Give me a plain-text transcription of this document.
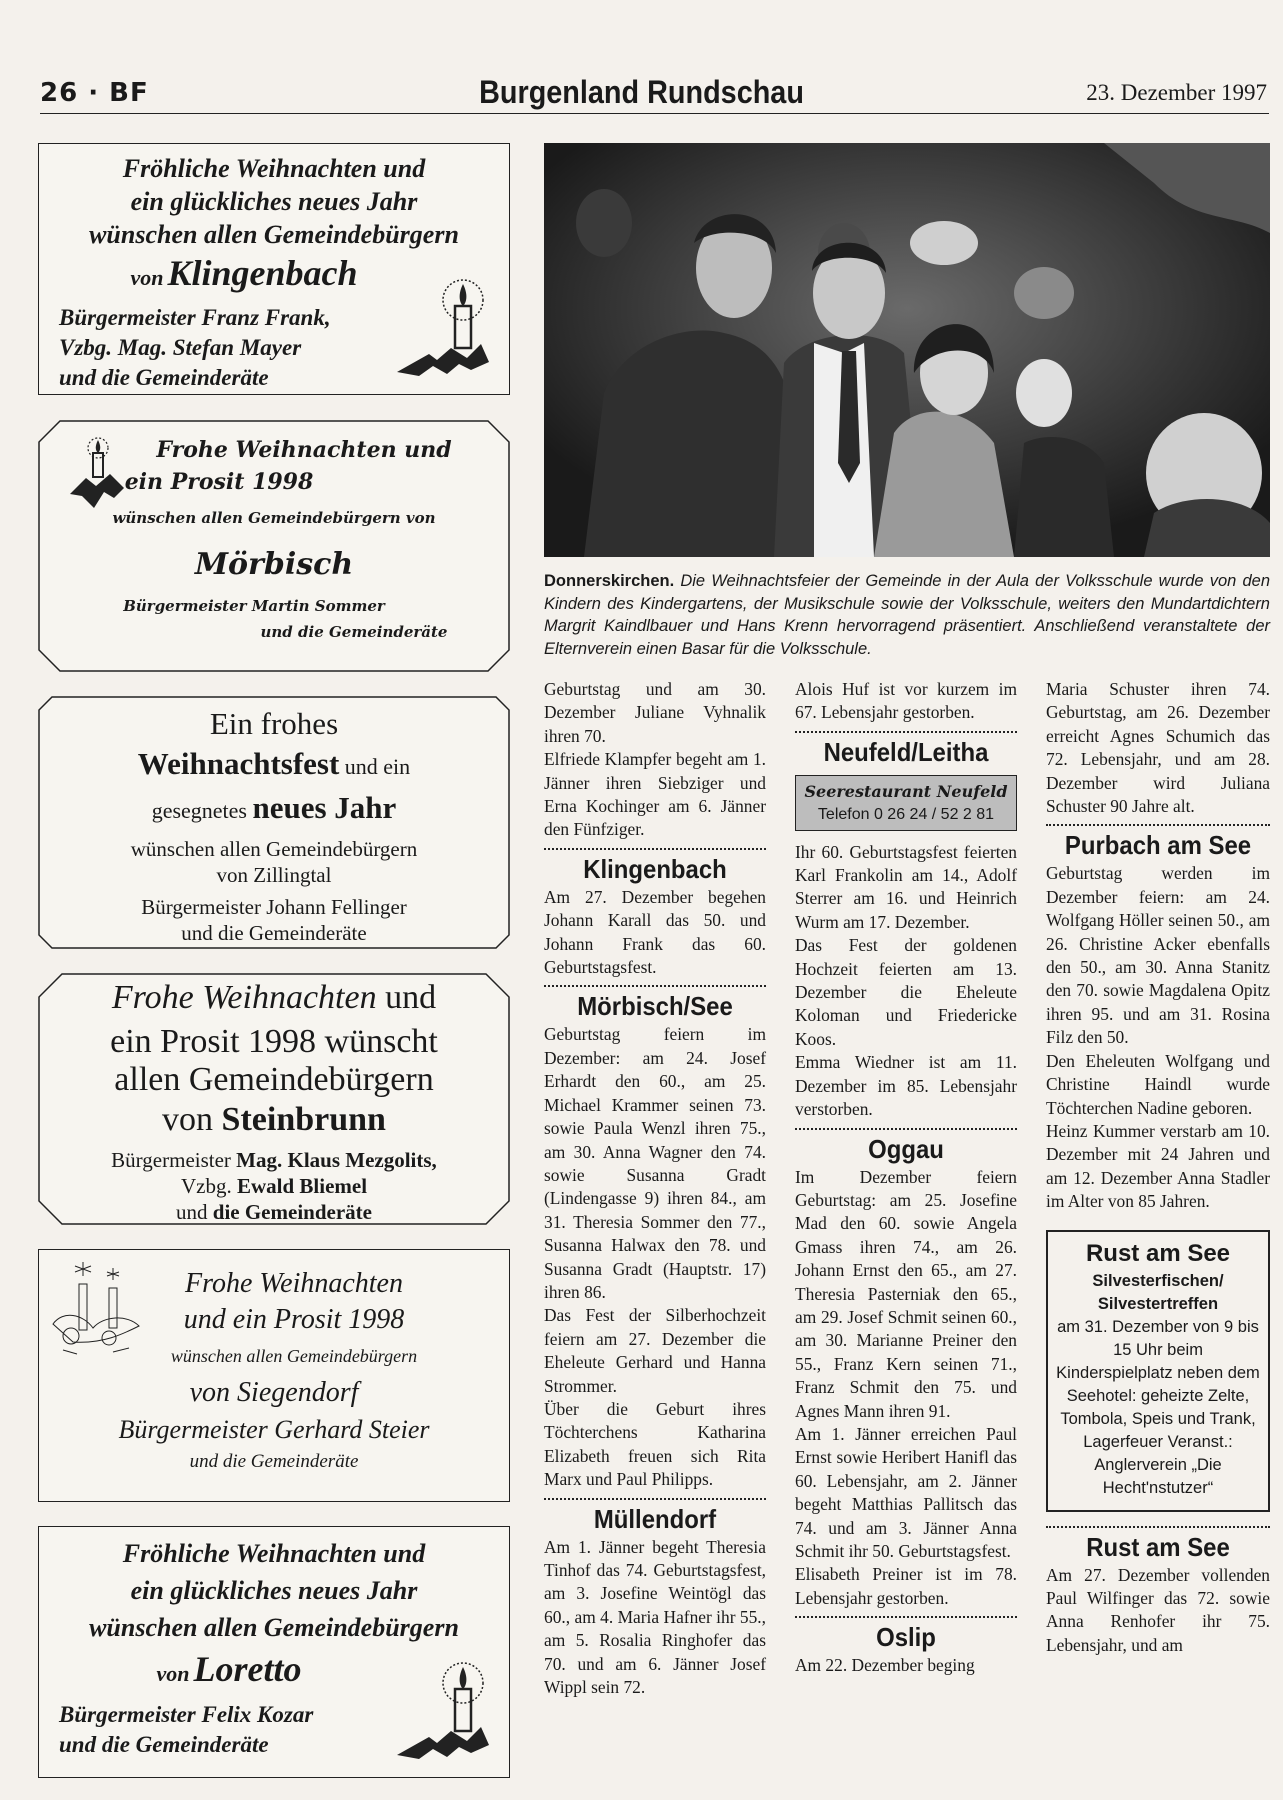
26 · BF	Burgenland Rundschau	23. Dezember 1997
Fröhliche Weihnachten und
ein glückliches neues Jahr
wünschen allen Gemeindebürgern
von Klingenbach
Bürgermeister Franz Frank,
Vzbg. Mag. Stefan Mayer
und die Gemeinderäte
Frohe Weihnachten und
ein Prosit 1998
wünschen allen Gemeindebürgern von
Mörbisch
Bürgermeister Martin Sommer
und die Gemeinderäte
Ein frohes
Weihnachtsfest und ein
gesegnetes neues Jahr
wünschen allen Gemeindebürgern
von Zillingtal
Bürgermeister Johann Fellinger
und die Gemeinderäte
Frohe Weihnachten und
ein Prosit 1998 wünscht
allen Gemeindebürgern
von Steinbrunn
Bürgermeister Mag. Klaus Mezgolits,
Vzbg. Ewald Bliemel
und die Gemeinderäte
Frohe Weihnachten
und ein Prosit 1998
wünschen allen Gemeindebürgern
von Siegendorf
Bürgermeister Gerhard Steier
und die Gemeinderäte
Fröhliche Weihnachten und
ein glückliches neues Jahr
wünschen allen Gemeindebürgern
von Loretto
Bürgermeister Felix Kozar
und die Gemeinderäte
Donnerskirchen. Die Weihnachtsfeier der Gemeinde in der Aula der Volksschule wurde von den Kindern des Kindergartens, der Musikschule sowie der Volksschule, weiters den Mundartdichtern Margrit Kaindlbauer und Hans Krenn hervorragend präsentiert. Anschließend veranstaltete der Elternverein einen Basar für die Volksschule.

Geburtstag und am 30. Dezember Juliane Vyhnalik ihren 70.

Elfriede Klampfer begeht am 1. Jänner ihren Siebziger und Erna Kochinger am 6. Jänner den Fünfziger.

Klingenbach

Am 27. Dezember begehen Johann Karall das 50. und Johann Frank das 60. Geburtstagsfest.

Mörbisch/See

Geburtstag feiern im Dezember: am 24. Josef Erhardt den 60., am 25. Michael Krammer seinen 73. sowie Paula Wenzl ihren 75., am 30. Anna Wagner den 74. sowie Susanna Gradt (Lindengasse 9) ihren 84., am 31. Theresia Sommer den 77., Susanna Halwax den 78. und Susanna Gradt (Hauptstr. 17) ihren 86.

Das Fest der Silberhochzeit feiern am 27. Dezember die Eheleute Gerhard und Hanna Strommer.

Über die Geburt ihres Töchterchens Katharina Elizabeth freuen sich Rita Marx und Paul Philipps.

Müllendorf

Am 1. Jänner begeht Theresia Tinhof das 74. Geburtstagsfest, am 3. Josefine Weintögl das 60., am 4. Maria Hafner ihr 55., am 5. Rosalia Ringhofer das 70. und am 6. Jänner Josef Wippl sein 72.

Alois Huf ist vor kurzem im 67. Lebensjahr gestorben.

Neufeld/Leitha
Seerestaurant Neufeld
Telefon 0 26 24 / 52 2 81

Ihr 60. Geburtstagsfest feierten Karl Frankolin am 14., Adolf Sterrer am 16. und Heinrich Wurm am 17. Dezember.

Das Fest der goldenen Hochzeit feierten am 13. Dezember die Eheleute Koloman und Friedericke Koos.

Emma Wiedner ist am 11. Dezember im 85. Lebensjahr verstorben.

Oggau

Im Dezember feiern Geburtstag: am 25. Josefine Mad den 60. sowie Angela Gmass ihren 74., am 26. Johann Ernst den 65., am 27. Theresia Pasterniak den 65., am 29. Josef Schmit seinen 60., am 30. Marianne Preiner den 55., Franz Kern seinen 71., Franz Schmit den 75. und Agnes Mann ihren 91.

Am 1. Jänner erreichen Paul Ernst sowie Heribert Hanifl das 60. Lebensjahr, am 2. Jänner begeht Matthias Pallitsch das 74. und am 3. Jänner Anna Schmit ihr 50. Geburtstagsfest.

Elisabeth Preiner ist im 78. Lebensjahr gestorben.

Oslip

Am 22. Dezember beging

Maria Schuster ihren 74. Geburtstag, am 26. Dezember erreicht Agnes Schumich das 72. Lebensjahr, und am 28. Dezember wird Juliana Schuster 90 Jahre alt.

Purbach am See

Geburtstag werden im Dezember feiern: am 24. Wolfgang Höller seinen 50., am 26. Christine Acker ebenfalls den 50., am 30. Anna Stanitz den 70. sowie Magdalena Opitz ihren 95. und am 31. Rosina Filz den 50.

Den Eheleuten Wolfgang und Christine Haindl wurde Töchterchen Nadine geboren.

Heinz Kummer verstarb am 10. Dezember mit 24 Jahren und am 12. Dezember Anna Stadler im Alter von 85 Jahren.

Rust am See
Silvesterfischen/
Silvestertreffen
am 31. Dezember von 9 bis 15 Uhr beim Kinderspielplatz neben dem Seehotel: geheizte Zelte, Tombola, Speis und Trank, Lagerfeuer Veranst.: Anglerverein „Die Hecht'nstutzer“
Rust am See

Am 27. Dezember vollenden Paul Wilfinger das 72. sowie Anna Renhofer ihr 75. Lebensjahr, und am
